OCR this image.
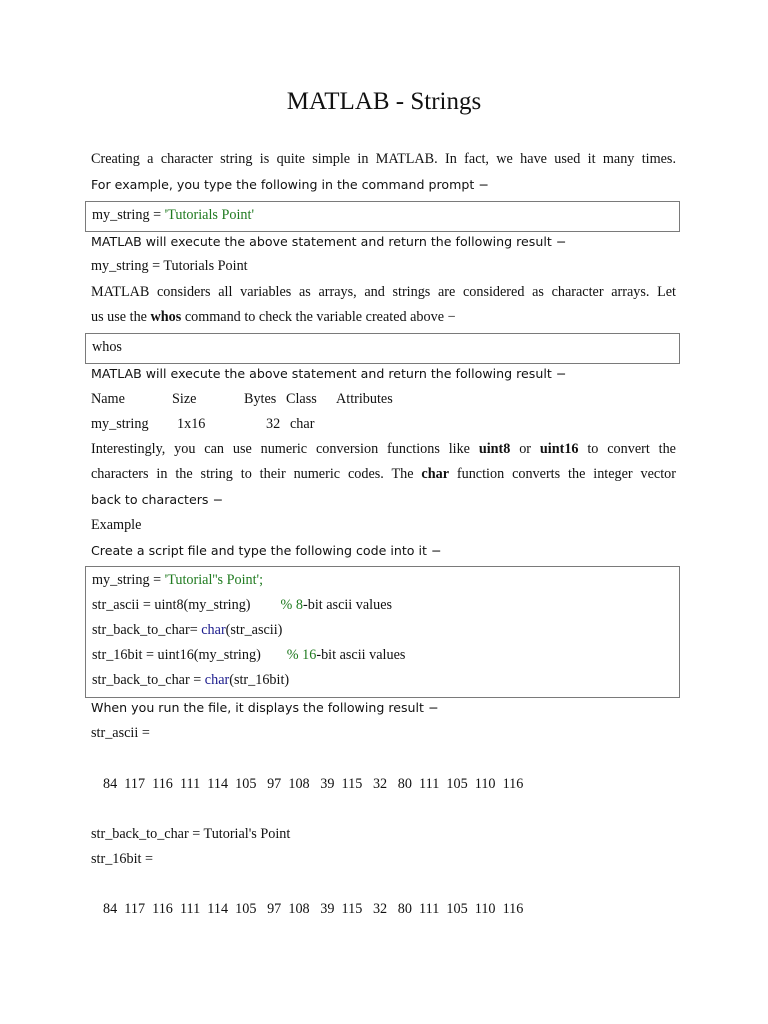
MATLAB - Strings
Creating a character string is quite simple in MATLAB. In fact, we have used it many times.
For example, you type the following in the command prompt −
my_string = 'Tutorials Point'
MATLAB will execute the above statement and return the following result −
my_string = Tutorials Point
MATLAB considers all variables as arrays, and strings are considered as character arrays. Let
us use the whos command to check the variable created above −
whos
MATLAB will execute the above statement and return the following result −
Name	Size	Bytes Class Attributes
my_string 1x16	32 char
Interestingly, you can use numeric conversion functions like uint8 or uint16 to convert the
characters in the string to their numeric codes. The char function converts the integer vector
back to characters −
Example
Create a script file and type the following code into it −
my_string = 'Tutorial''s Point';
str_ascii = uint8(my_string) % 8-bit ascii values
str_back_to_char= char(str_ascii)
str_16bit = uint16(my_string) % 16-bit ascii values
str_back_to_char = char(str_16bit)
When you run the file, it displays the following result −
str_ascii =
84  117  116  111  114  105   97  108   39  115   32   80  111  105  110  116
str_back_to_char = Tutorial's Point
str_16bit =
84  117  116  111  114  105   97  108   39  115   32   80  111  105  110  116
